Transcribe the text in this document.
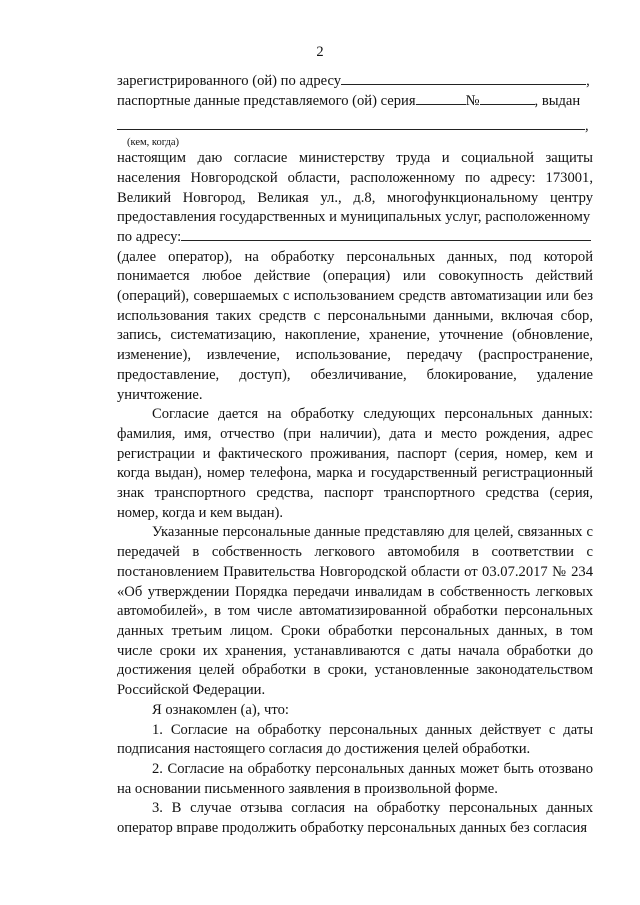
2
зарегистрированного (ой) по адресу	,
паспортные данные представляемого (ой) серия	№	, выдан
,

(кем, когда)

настоящим даю согласие министерству труда и социальной защиты населения Новгородской области, расположенному по адресу: 173001, Великий Новгород, Великая ул., д.8, многофункциональному центру предоставления государственных и муниципальных услуг, расположенному

по адресу:

(далее оператор), на обработку персональных данных, под которой понимается любое действие (операция) или совокупность действий (операций), совершаемых с использованием средств автоматизации или без использования таких средств с персональными данными, включая сбор, запись, систематизацию, накопление, хранение, уточнение (обновление, изменение), извлечение, использование, передачу (распространение, предоставление, доступ), обезличивание, блокирование, удаление уничтожение.

Согласие дается на обработку следующих персональных данных: фамилия, имя, отчество (при наличии), дата и место рождения, адрес регистрации и фактического проживания, паспорт (серия, номер, кем и когда выдан), номер телефона, марка и государственный регистрационный знак транспортного средства, паспорт транспортного средства (серия, номер, когда и кем выдан).

Указанные персональные данные представляю для целей, связанных с передачей в собственность легкового автомобиля в соответствии с постановлением Правительства Новгородской области от 03.07.2017 № 234 «Об утверждении Порядка передачи инвалидам в собственность легковых автомобилей», в том числе автоматизированной обработки персональных данных третьим лицом. Сроки обработки персональных данных, в том числе сроки их хранения, устанавливаются с даты начала обработки до достижения целей обработки в сроки, установленные законодательством Российской Федерации.

Я ознакомлен (а), что:

1. Согласие на обработку персональных данных действует с даты подписания настоящего согласия до достижения целей обработки.

2. Согласие на обработку персональных данных может быть отозвано на основании письменного заявления в произвольной форме.

3. В случае отзыва согласия на обработку персональных данных оператор вправе продолжить обработку персональных данных без согласия
